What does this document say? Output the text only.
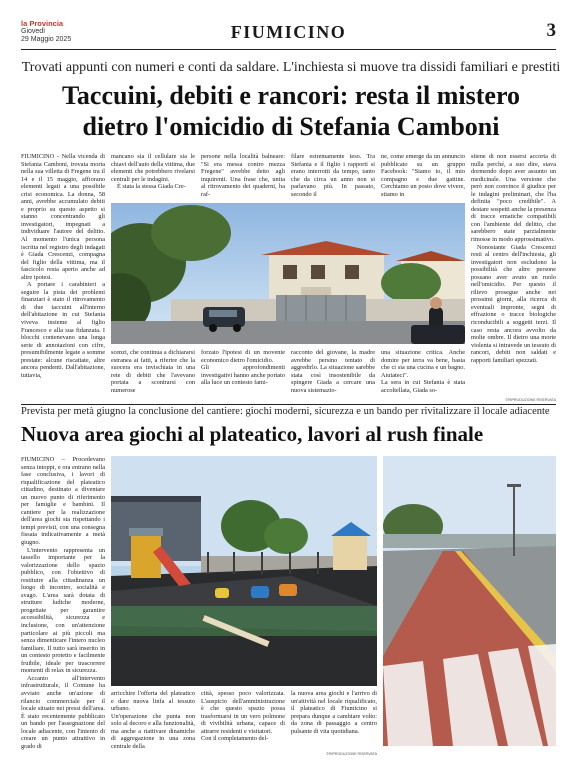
la Provincia
Giovedì
29 Maggio 2025	FIUMICINO	3
Trovati appunti con numeri e conti da saldare. L'inchiesta si muove tra dissidi familiari e prestiti
Taccuini, debiti e rancori: resta il mistero
dietro l'omicidio di Stefania Camboni

FIUMICINO - Nella vicenda di Stefania Camboni, trovata morta nella sua villetta di Fregene tra il 14 e il 15 maggio, affiorano elementi legati a una possibile crisi economica. La donna, 58 anni, avrebbe accumulato debiti e proprio su questo aspetto si stanno concentrando gli investigatori, impegnati a individuare l'autore del delitto. Al momento l'unica persona iscritta nel registro degli indagati è Giada Crescenzi, compagna del figlio della vittima, ma il fascicolo resta aperto anche ad altre ipotesi.

A portare i carabinieri a seguire la pista dei problemi finanziari è stato il ritrovamento di due taccuini all'interno dell'abitazione in cui Stefania viveva insieme al figlio Francesco e alla sua fidanzata. I blocchi contenevano una lunga serie di annotazioni con cifre, presumibilmente legate a somme prestate: alcune riscattate, altre ancora pendenti. Dall'abitazione, tuttavia,

mancano sia il cellulare sia le chiavi dell'auto della vittima, due elementi che potrebbero rivelarsi centrali per le indagini.

È stata la stessa Giada Cre-

persone nella località balneare: "Si era messa contro mezza Fregene" avrebbe detto agli inquirenti. Una frase che, unita al ritrovamento dei quaderni, ha raf-

filare estremamente teso. Tra Stefania e il figlio i rapporti si erano interrotti da tempo, tanto che da circa un anno non si parlavano più. In passato, secondo il

ne, come emerge da un annuncio pubblicato su un gruppo Facebook: "Siamo io, il mio compagno e due gattine. Cerchiamo un posto dove vivere, stiamo in

stiene di non essersi accorta di nulla perché, a suo dire, stava dormendo dopo aver assunto un medicinale. Una versione che però non convince il giudice per le indagini preliminari, che l'ha definita "poco credibile". A destare sospetti anche la presenza di tracce ematiche compatibili con l'ambiente del delitto, che sarebbero state parzialmente rimosse in modo approssimativo.

Nonostante Giada Crescenzi resti al centro dell'inchiesta, gli investigatori non escludono la possibilità che altre persone possano aver avuto un ruolo nell'omicidio. Per questo il rilievo prosegue anche nei prossimi giorni, alla ricerca di eventuali impronte, segni di effrazione o tracce biologiche riconducibili a soggetti terzi. Il caso resta ancora avvolto da molte ombre. Il dietro una morte violenta si intravede un tessuto di rancori, debiti non saldati e rapporti familiari spezzati.

scenzi, che continua a dichiararsi estranea ai fatti, a riferire che la suocera era invischiata in una rete di debiti che l'avevano portata a scontrarsi con numerose
forzato l'ipotesi di un movente economico dietro l'omicidio.
Gli approfondimenti investigativi hanno anche portato alla luce un contesto fami-
racconto del giovane, la madre avrebbe persino tentato di aggredirlo. La situazione sarebbe stata così insostenibile da spingere Giada a cercare una nuova sistemazio-
una situazione critica. Anche domire per terra va bene, basta che ci sia una cucina e un bagno. Aiutateci".
La sera in cui Stefania è stata accoltellata, Giada so-
©RIPRODUZIONE RISERVATA
Prevista per metà giugno la conclusione del cantiere: giochi moderni, sicurezza e un bando per rivitalizzare il locale adiacente
Nuova area giochi al plateatico, lavori al rush finale

FIUMICINO – Procedevano senza intoppi, e ora entrano nella fase conclusiva, i lavori di riqualificazione del plateatico cittadino, destinato a diventare un nuovo punto di riferimento per famiglie e bambini. Il cantiere per la realizzazione dell'area giochi sta rispettando i tempi previsti, con una consegna fissata indicativamente a metà giugno.

L'intervento rappresenta un tassello importante per la valorizzazione dello spazio pubblico, con l'obiettivo di restituire alla cittadinanza un luogo di incontro, socialità e svago. L'area sarà dotata di strutture ludiche moderne, progettate per garantire accessibilità, sicurezza e inclusione, con un'attenzione particolare ai più piccoli ma senza dimenticare l'intero nucleo familiare. Il tutto sarà inserito in un contesto protetto e facilmente fruibile, ideale per trascorrere momenti di relax in sicurezza.

Accanto all'intervento infrastrutturale, il Comune ha avviato anche un'azione di rilancio commerciale per il locale situato nei pressi dell'area. È stato recentemente pubblicato un bando per l'assegnazione del locale adiacente, con l'intento di creare un punto attrattivo in grado di

arricchire l'offerta del plateatico e dare nuova linfa al tessuto urbano.
Un'operazione che punta non solo al decoro e alla funzionalità, ma anche a riattivare dinamiche di aggregazione in una zona centrale della
città, spesso poco valorizzata. L'auspicio dell'amministrazione è che questo spazio possa trasformarsi in un vero polmone di vivibilità urbana, capace di attrarre residenti e visitatori.
Con il completamento del-
la nuova area giochi e l'arrivo di un'attività nel locale riqualificato, il plateatico di Fiumicino si prepara dunque a cambiare volto: da zona di passaggio a centro pulsante di vita quotidiana.
©RIPRODUZIONE RISERVATA
